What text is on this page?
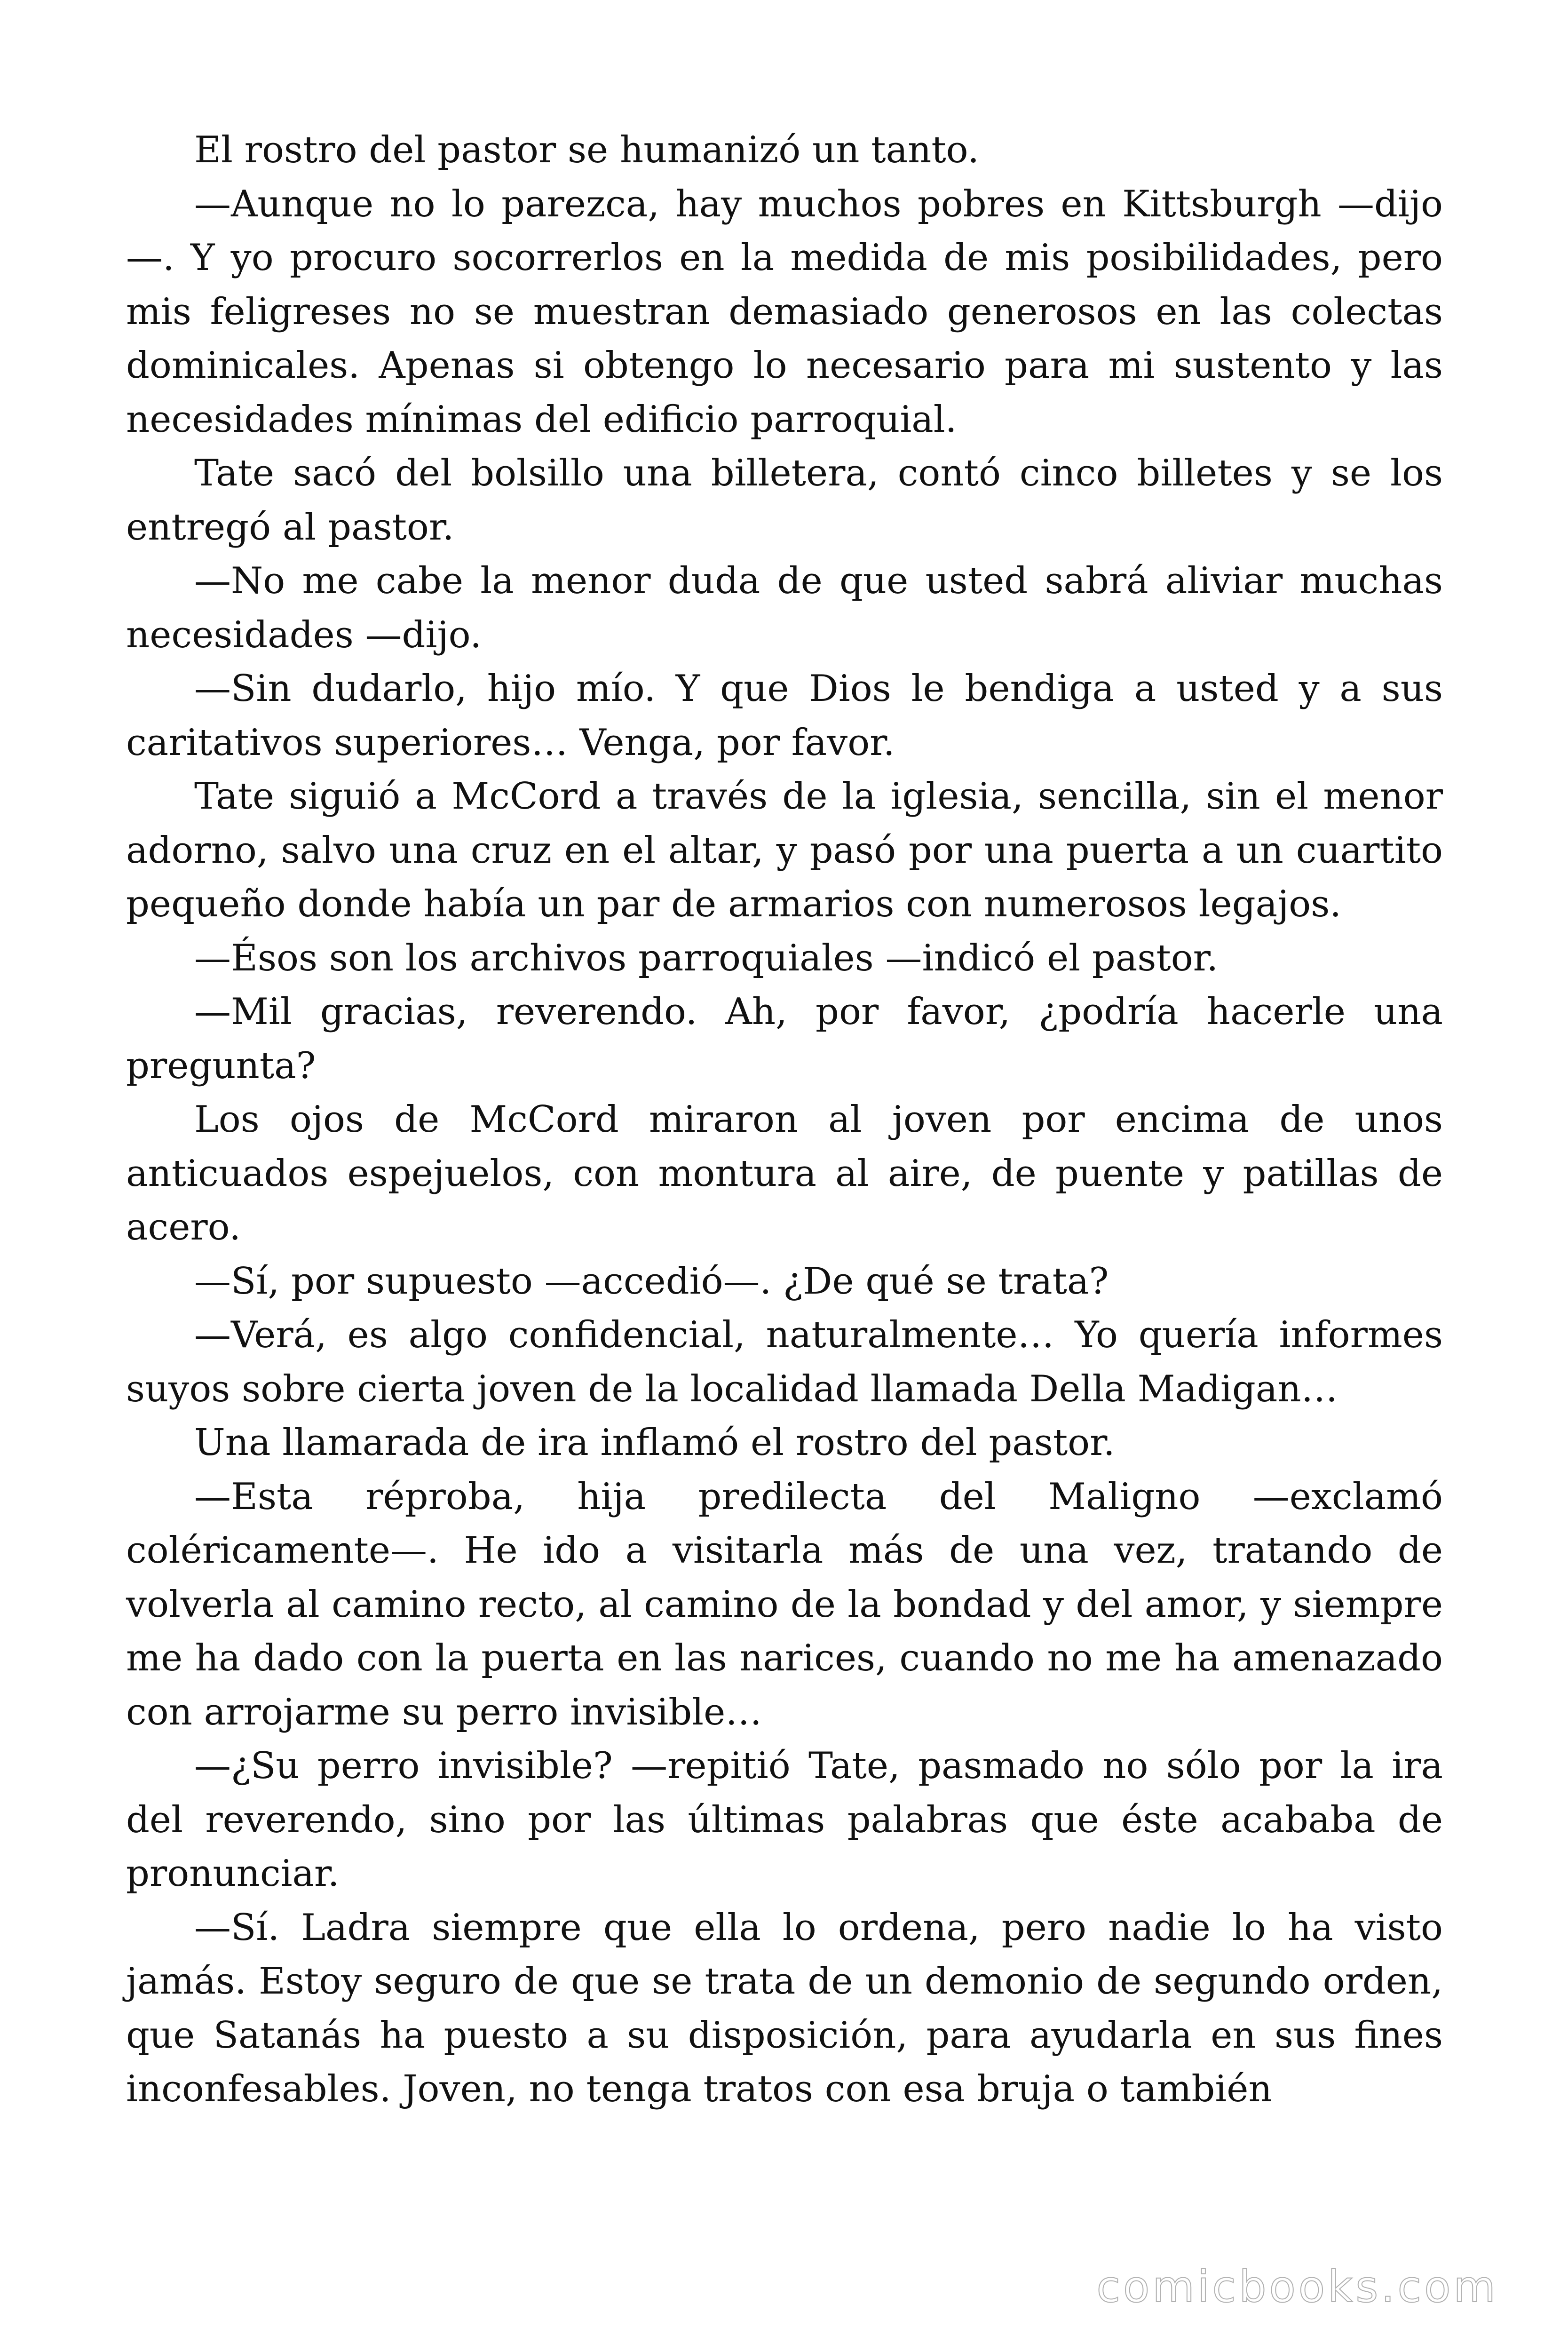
El rostro del pastor se humanizó un tanto.

—Aunque no lo parezca, hay muchos pobres en Kittsburgh —dijo—. Y yo procuro socorrerlos en la medida de mis posibilidades, pero mis feligreses no se muestran demasiado generosos en las colectas dominicales. Apenas si obtengo lo necesario para mi sustento y las necesidades mínimas del edificio parroquial.

Tate sacó del bolsillo una billetera, contó cinco billetes y se los entregó al pastor.

—No me cabe la menor duda de que usted sabrá aliviar muchas necesidades —dijo.

—Sin dudarlo, hijo mío. Y que Dios le bendiga a usted y a sus caritativos superiores… Venga, por favor.

Tate siguió a McCord a través de la iglesia, sencilla, sin el menor adorno, salvo una cruz en el altar, y pasó por una puerta a un cuartito pequeño donde había un par de armarios con numerosos legajos.

—Ésos son los archivos parroquiales —indicó el pastor.

—Mil gracias, reverendo. Ah, por favor, ¿podría hacerle una pregunta?

Los ojos de McCord miraron al joven por encima de unos anticuados espejuelos, con montura al aire, de puente y patillas de acero.

—Sí, por supuesto —accedió—. ¿De qué se trata?

—Verá, es algo confidencial, naturalmente… Yo quería informes suyos sobre cierta joven de la localidad llamada Della Madigan…

Una llamarada de ira inflamó el rostro del pastor.

—Esta réproba, hija predilecta del Maligno —exclamó coléricamente—. He ido a visitarla más de una vez, tratando de volverla al camino recto, al camino de la bondad y del amor, y siempre me ha dado con la puerta en las narices, cuando no me ha amenazado con arrojarme su perro invisible…

—¿Su perro invisible? —repitió Tate, pasmado no sólo por la ira del reverendo, sino por las últimas palabras que éste acababa de pronunciar.

—Sí. Ladra siempre que ella lo ordena, pero nadie lo ha visto jamás. Estoy seguro de que se trata de un demonio de segundo orden, que Satanás ha puesto a su disposición, para ayudarla en sus fines inconfesables. Joven, no tenga tratos con esa bruja o también

comicbooks.com
